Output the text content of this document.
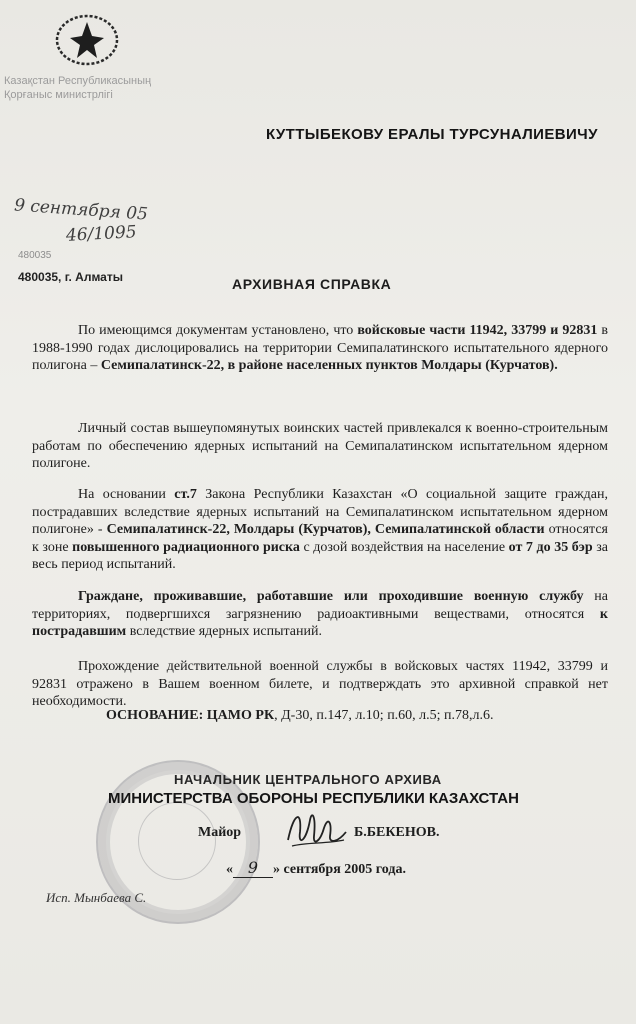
Казақстан Республикасының
Қорғаныс министрлігі
КУТТЫБЕКОВУ ЕРАЛЫ ТУРСУНАЛИЕВИЧУ
9 сентября 05
46/1095
480035
480035, г. Алматы	АРХИВНАЯ СПРАВКА
По имеющимся документам установлено, что войсковые части 11942, 33799 и 92831 в 1988-1990 годах дислоцировались на территории Семипалатинского испытательного ядерного полигона – Семипалатинск-22, в районе населенных пунктов Молдары (Курчатов).
Личный состав вышеупомянутых воинских частей привлекался к военно-строительным работам по обеспечению ядерных испытаний на Семипалатинском испытательном ядерном полигоне.
На основании ст.7 Закона Республики Казахстан «О социальной защите граждан, пострадавших вследствие ядерных испытаний на Семипалатинском испытательном ядерном полигоне» - Семипалатинск-22, Молдары (Курчатов), Семипалатинской области относятся к зоне повышенного радиационного риска с дозой воздействия на население от 7 до 35 бэр за весь период испытаний.
Граждане, проживавшие, работавшие или проходившие военную службу на территориях, подвергшихся загрязнению радиоактивными веществами, относятся к пострадавшим вследствие ядерных испытаний.
Прохождение действительной военной службы в войсковых частях 11942, 33799 и 92831 отражено в Вашем военном билете, и подтверждать это архивной справкой нет необходимости.
ОСНОВАНИЕ: ЦАМО РК, Д-30, п.147, л.10; п.60, л.5; п.78,л.6.
НАЧАЛЬНИК ЦЕНТРАЛЬНОГО АРХИВА
МИНИСТЕРСТВА ОБОРОНЫ РЕСПУБЛИКИ КАЗАХСТАН
Майор	Б.БЕКЕНОВ.
« 9 » сентября 2005 года.
Исп. Мынбаева С.
